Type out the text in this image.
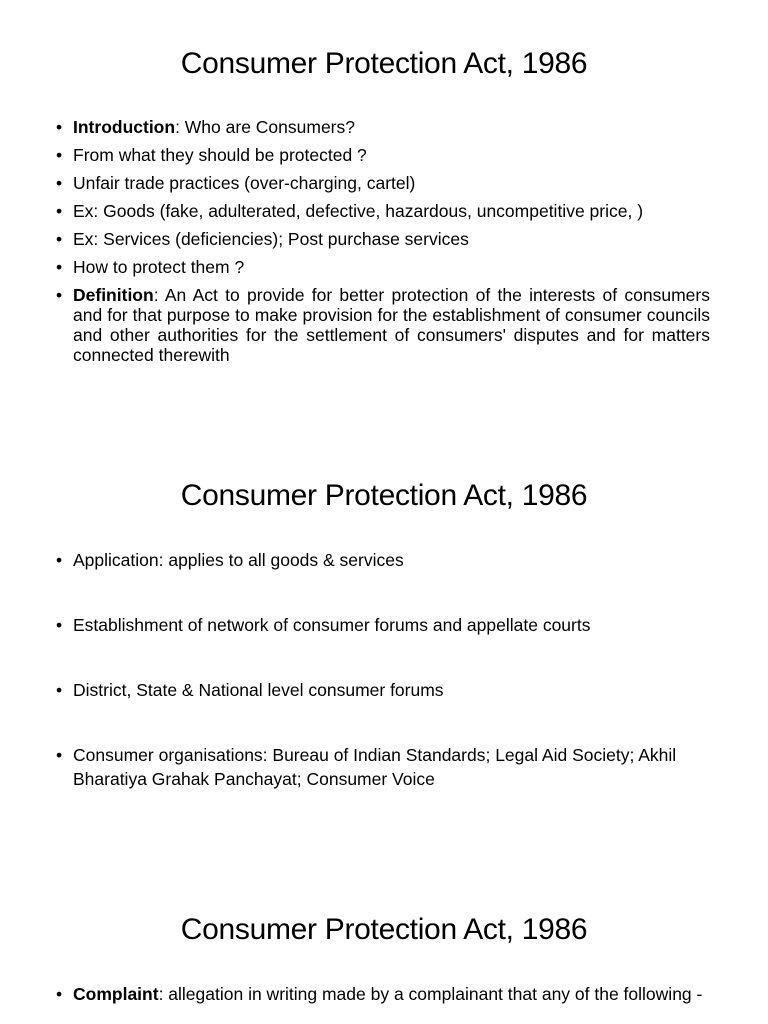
Consumer Protection Act, 1986
• Introduction: Who are Consumers?
• From what they should be protected ?
• Unfair trade practices (over-charging, cartel)
• Ex: Goods (fake, adulterated, defective, hazardous, uncompetitive price, )
• Ex: Services (deficiencies); Post purchase services
• How to protect them ?
• Definition: An Act to provide for better protection of the interests of consumers and for that purpose to make provision for the establishment of consumer councils and other authorities for the settlement of consumers' disputes and for matters connected therewith
Consumer Protection Act, 1986
• Application: applies to all goods & services
• Establishment of network of consumer forums and appellate courts
• District, State & National level consumer forums
• Consumer organisations: Bureau of Indian Standards; Legal Aid Society; Akhil Bharatiya Grahak Panchayat; Consumer Voice
Consumer Protection Act, 1986
• Complaint: allegation in writing made by a complainant that any of the following -
